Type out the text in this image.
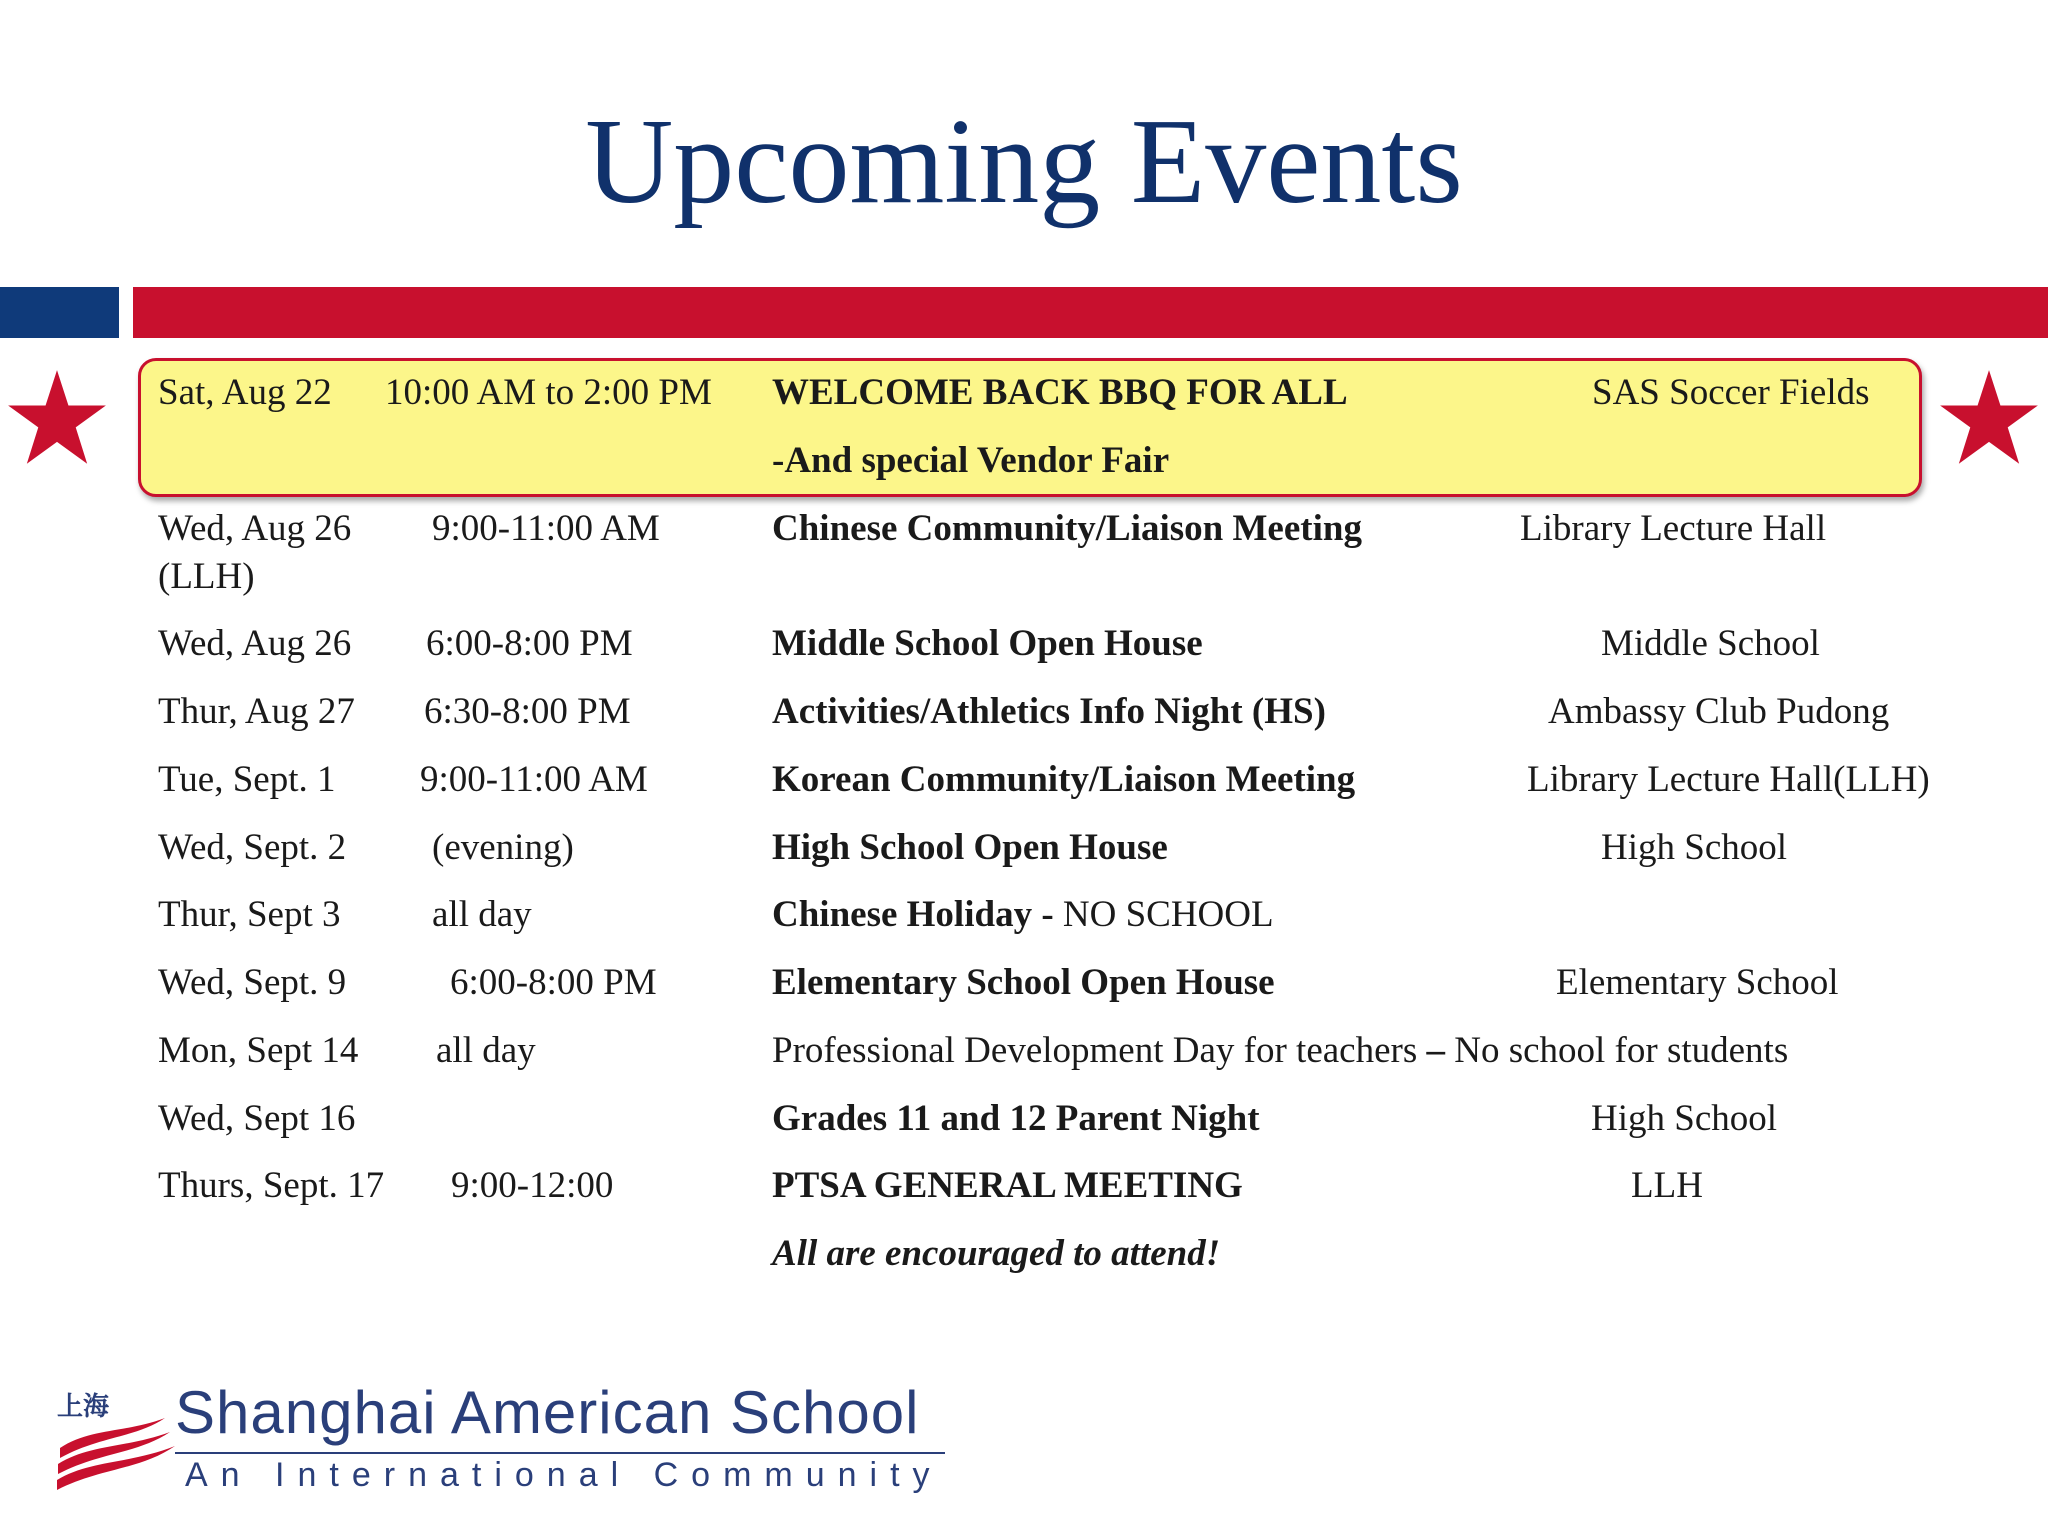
Upcoming Events
Sat, Aug 22 10:00 AM to 2:00 PM WELCOME BACK BBQ FOR ALL	SAS Soccer Fields
-And special Vendor Fair
Wed, Aug 26
(LLH)
9:00-11:00 AM	Chinese Community/Liaison Meeting	Library Lecture Hall
Wed, Aug 26 6:00-8:00 PM	Middle School Open House	Middle School
Thur, Aug 27 6:30-8:00 PM	Activities/Athletics Info Night (HS)	Ambassy Club Pudong
Tue, Sept. 1 9:00-11:00 AM	Korean Community/Liaison Meeting	Library Lecture Hall(LLH)
Wed, Sept. 2 (evening)	High School Open House	High School
Thur, Sept 3 all day	Chinese Holiday - NO SCHOOL
Wed, Sept. 9	6:00-8:00 PM	Elementary School Open House	Elementary School
Mon, Sept 14 all day	Professional Development Day for teachers – No school for students
Wed, Sept 16	Grades 11 and 12 Parent Night	High School
Thurs, Sept. 17 9:00-12:00	PTSA GENERAL MEETING	LLH
All are encouraged to attend!
上海 Shanghai American School
An International Community
